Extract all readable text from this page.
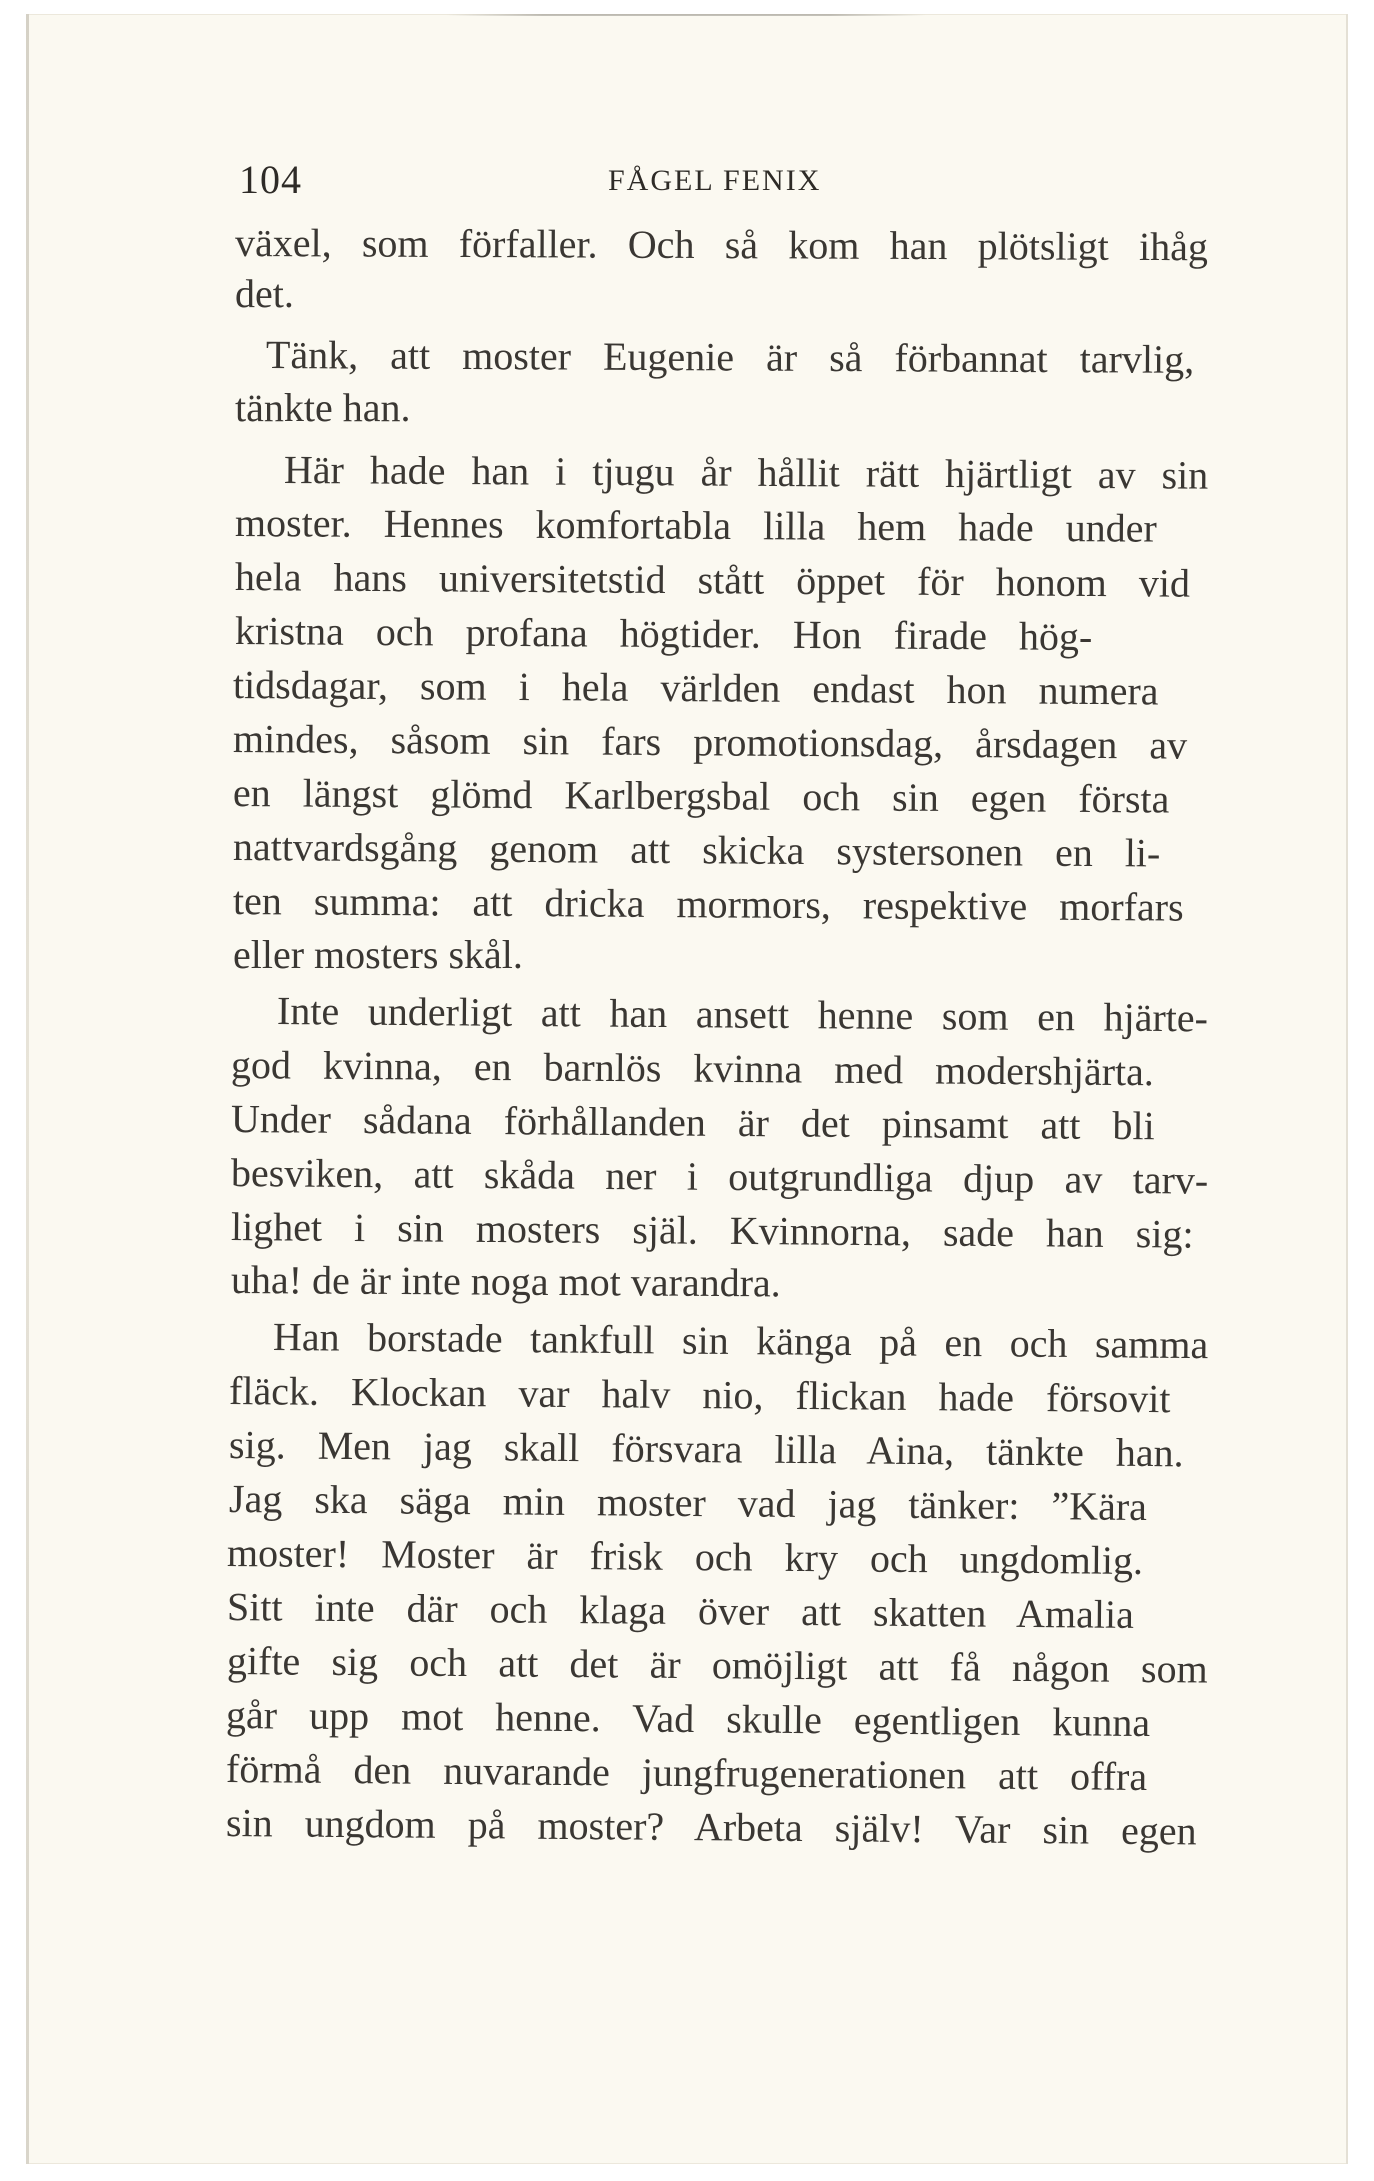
104	FÅGEL FENIX
växel, som förfaller. Och så kom han plötsligt ihåg
det.
Tänk, att moster Eugenie är så förbannat tarvlig,
tänkte han.
Här hade han i tjugu år hållit rätt hjärtligt av sin
moster. Hennes komfortabla lilla hem hade under
hela hans universitetstid stått öppet för honom vid
kristna och profana högtider. Hon firade hög-
tidsdagar, som i hela världen endast hon numera
mindes, såsom sin fars promotionsdag, årsdagen av
en längst glömd Karlbergsbal och sin egen första
nattvardsgång genom att skicka systersonen en li-
ten summa: att dricka mormors, respektive morfars
eller mosters skål.
Inte underligt att han ansett henne som en hjärte-
god kvinna, en barnlös kvinna med modershjärta.
Under sådana förhållanden är det pinsamt att bli
besviken, att skåda ner i outgrundliga djup av tarv-
lighet i sin mosters själ. Kvinnorna, sade han sig:
uha! de är inte noga mot varandra.
Han borstade tankfull sin känga på en och samma
fläck. Klockan var halv nio, flickan hade försovit
sig. Men jag skall försvara lilla Aina, tänkte han.
Jag ska säga min moster vad jag tänker: ”Kära
moster! Moster är frisk och kry och ungdomlig.
Sitt inte där och klaga över att skatten Amalia
gifte sig och att det är omöjligt att få någon som
går upp mot henne. Vad skulle egentligen kunna
förmå den nuvarande jungfrugenerationen att offra
sin ungdom på moster? Arbeta själv! Var sin egen
